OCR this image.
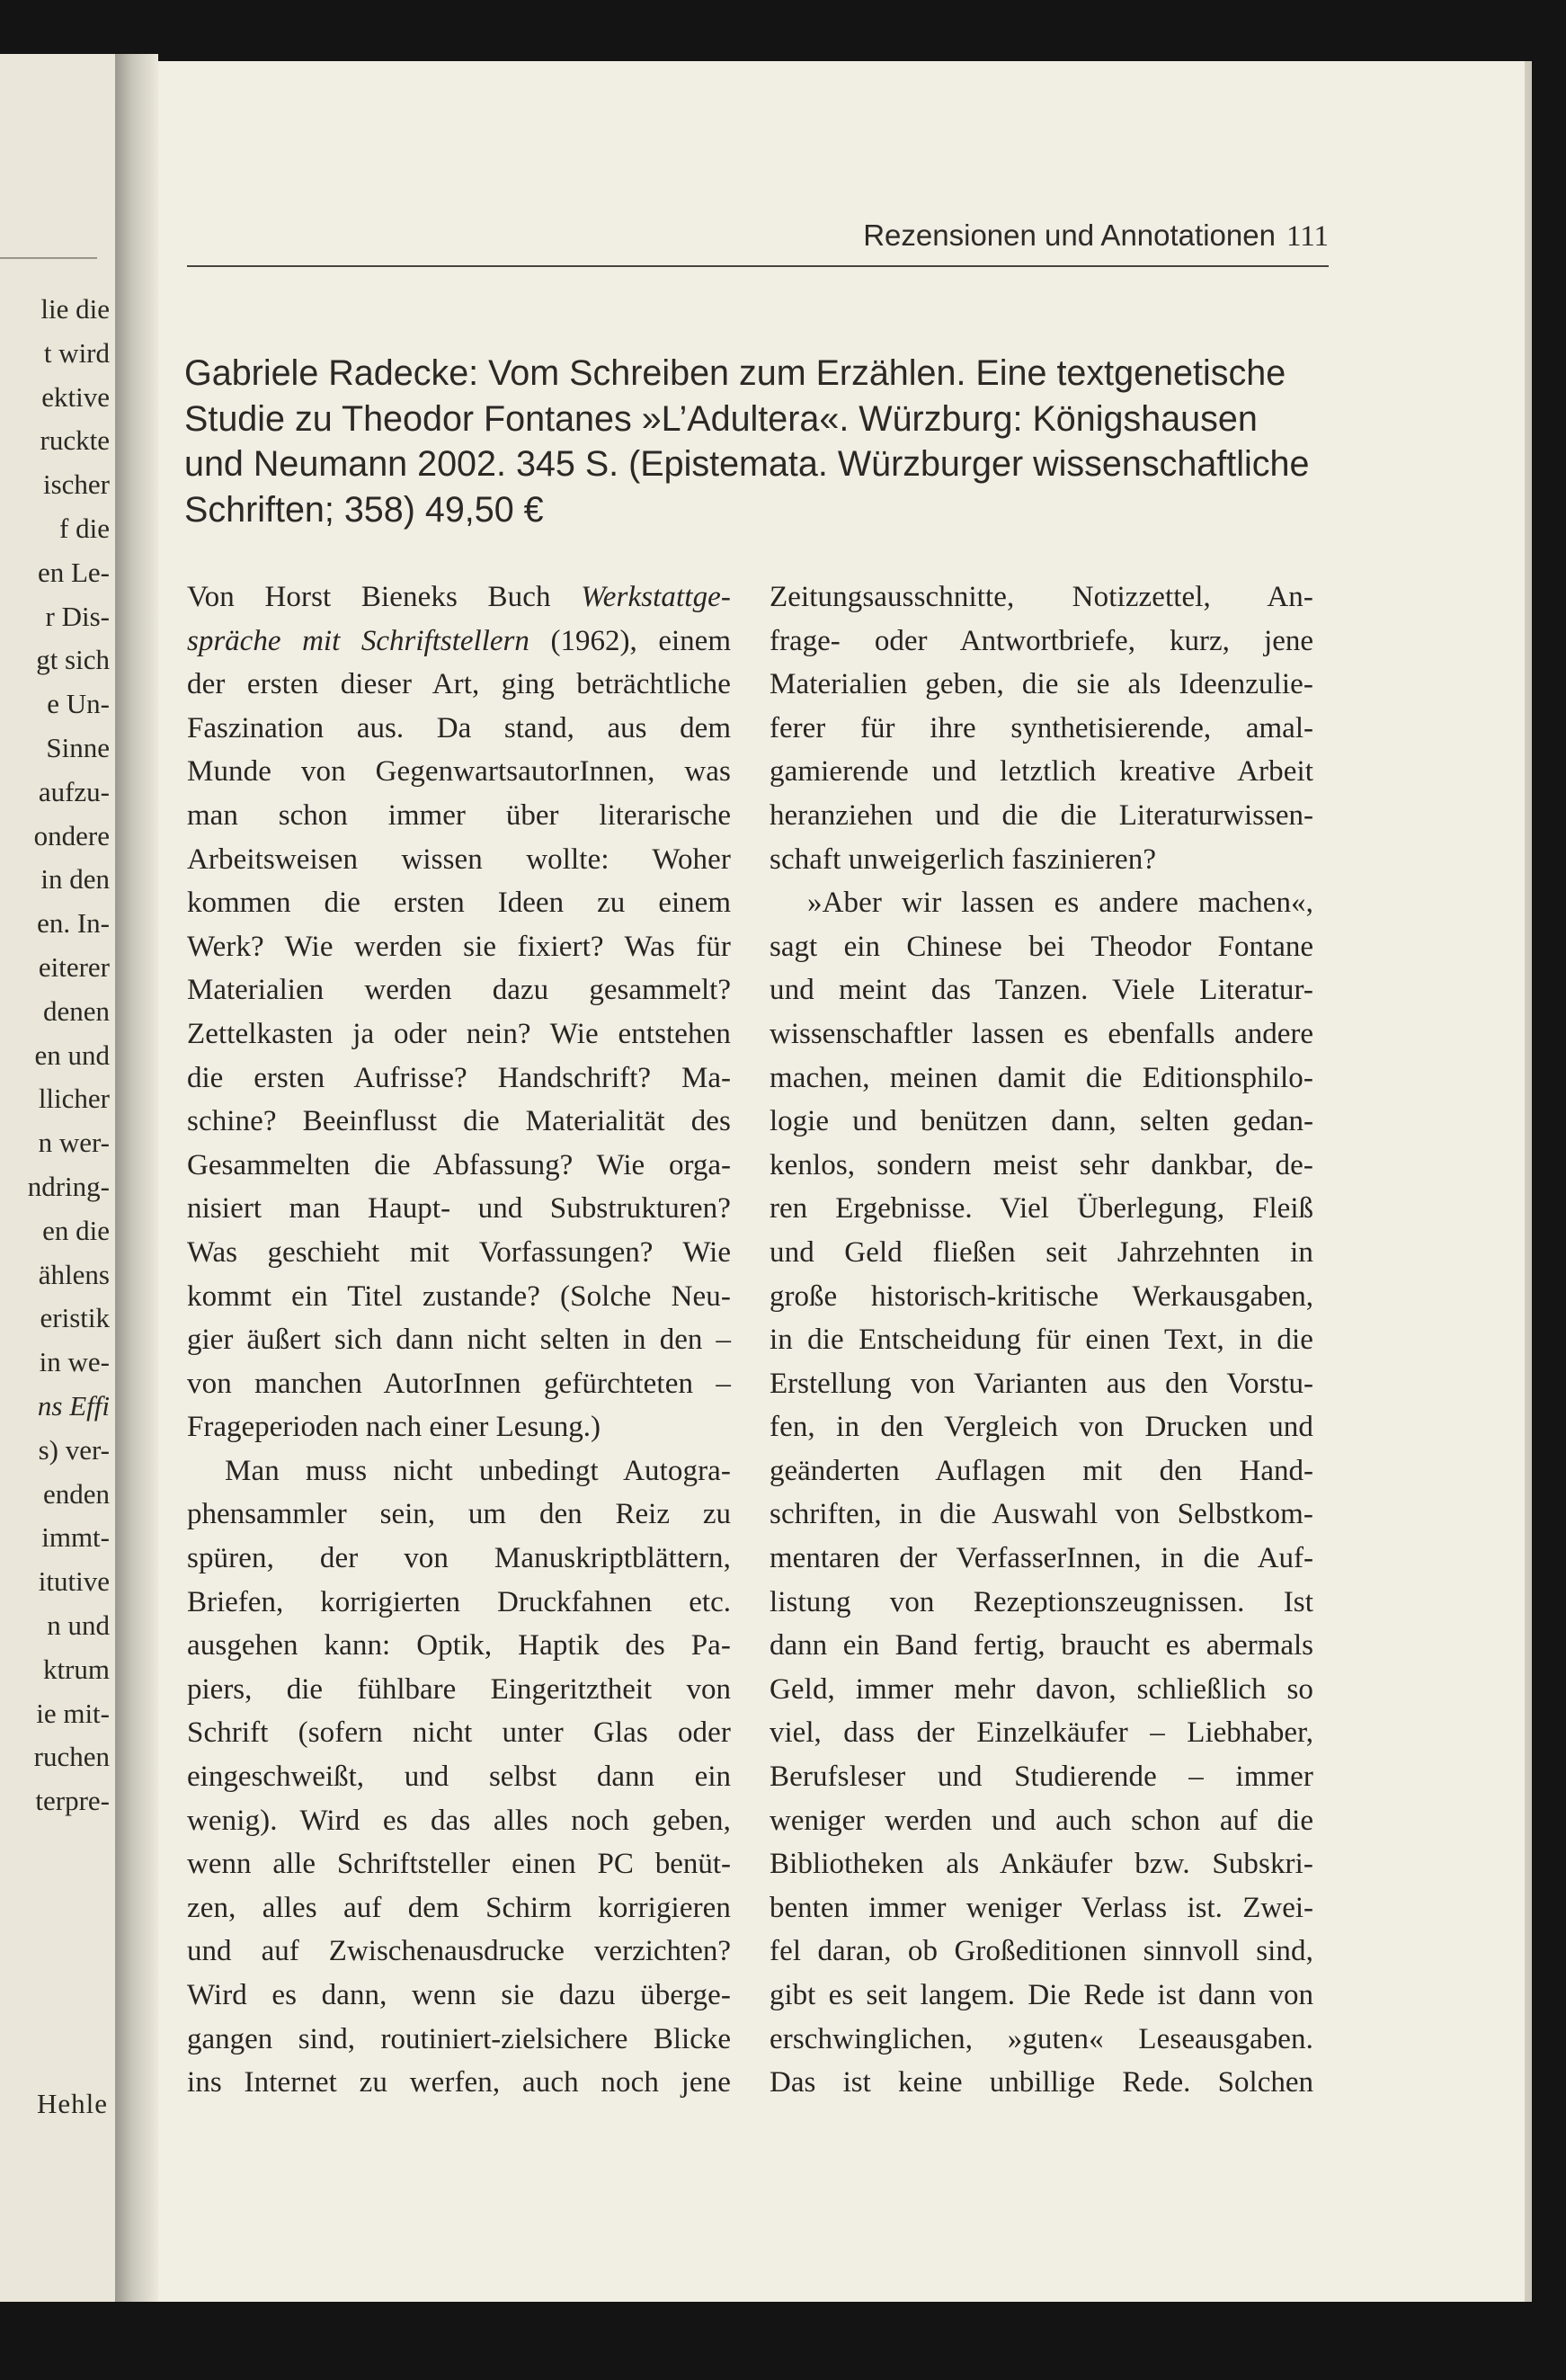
lie die
t wird
ektive
ruckte
ischer
f die
en Le-
r Dis-
gt sich
e Un-
Sinne
aufzu-
ondere
in den
en. In-
eiterer
denen
en und
llicher
n wer-
ndring-
en die
ählens
eristik
in we-
ns Effi
s) ver-
enden
immt-
itutive
n und
ktrum
ie mit-
ruchen
terpre-
Hehle
Rezensionen und Annotationen 111
Gabriele Radecke: Vom Schreiben zum Erzählen. Eine textgenetische
Studie zu Theodor Fontanes »L’Adultera«. Würzburg: Königshausen
und Neumann 2002. 345 S. (Epistemata. Würzburger wissenschaftliche
Schriften; 358) 49,50 €
Von Horst Bieneks Buch Werkstattge-
spräche mit Schriftstellern (1962), einem
der ersten dieser Art, ging beträchtliche
Faszination aus. Da stand, aus dem
Munde von GegenwartsautorInnen, was
man schon immer über literarische
Arbeitsweisen wissen wollte: Woher
kommen die ersten Ideen zu einem
Werk? Wie werden sie fixiert? Was für
Materialien werden dazu gesammelt?
Zettelkasten ja oder nein? Wie entstehen
die ersten Aufrisse? Handschrift? Ma-
schine? Beeinflusst die Materialität des
Gesammelten die Abfassung? Wie orga-
nisiert man Haupt- und Substrukturen?
Was geschieht mit Vorfassungen? Wie
kommt ein Titel zustande? (Solche Neu-
gier äußert sich dann nicht selten in den –
von manchen AutorInnen gefürchteten –
Frageperioden nach einer Lesung.)
Man muss nicht unbedingt Autogra-
phensammler sein, um den Reiz zu
spüren, der von Manuskriptblättern,
Briefen, korrigierten Druckfahnen etc.
ausgehen kann: Optik, Haptik des Pa-
piers, die fühlbare Eingeritztheit von
Schrift (sofern nicht unter Glas oder
eingeschweißt, und selbst dann ein
wenig). Wird es das alles noch geben,
wenn alle Schriftsteller einen PC benüt-
zen, alles auf dem Schirm korrigieren
und auf Zwischenausdrucke verzichten?
Wird es dann, wenn sie dazu überge-
gangen sind, routiniert-zielsichere Blicke
ins Internet zu werfen, auch noch jene
Zeitungsausschnitte, Notizzettel, An-
frage- oder Antwortbriefe, kurz, jene
Materialien geben, die sie als Ideenzulie-
ferer für ihre synthetisierende, amal-
gamierende und letztlich kreative Arbeit
heranziehen und die die Literaturwissen-
schaft unweigerlich faszinieren?
»Aber wir lassen es andere machen«,
sagt ein Chinese bei Theodor Fontane
und meint das Tanzen. Viele Literatur-
wissenschaftler lassen es ebenfalls andere
machen, meinen damit die Editionsphilo-
logie und benützen dann, selten gedan-
kenlos, sondern meist sehr dankbar, de-
ren Ergebnisse. Viel Überlegung, Fleiß
und Geld fließen seit Jahrzehnten in
große historisch-kritische Werkausgaben,
in die Entscheidung für einen Text, in die
Erstellung von Varianten aus den Vorstu-
fen, in den Vergleich von Drucken und
geänderten Auflagen mit den Hand-
schriften, in die Auswahl von Selbstkom-
mentaren der VerfasserInnen, in die Auf-
listung von Rezeptionszeugnissen. Ist
dann ein Band fertig, braucht es abermals
Geld, immer mehr davon, schließlich so
viel, dass der Einzelkäufer – Liebhaber,
Berufsleser und Studierende – immer
weniger werden und auch schon auf die
Bibliotheken als Ankäufer bzw. Subskri-
benten immer weniger Verlass ist. Zwei-
fel daran, ob Großeditionen sinnvoll sind,
gibt es seit langem. Die Rede ist dann von
erschwinglichen, »guten« Leseausgaben.
Das ist keine unbillige Rede. Solchen
